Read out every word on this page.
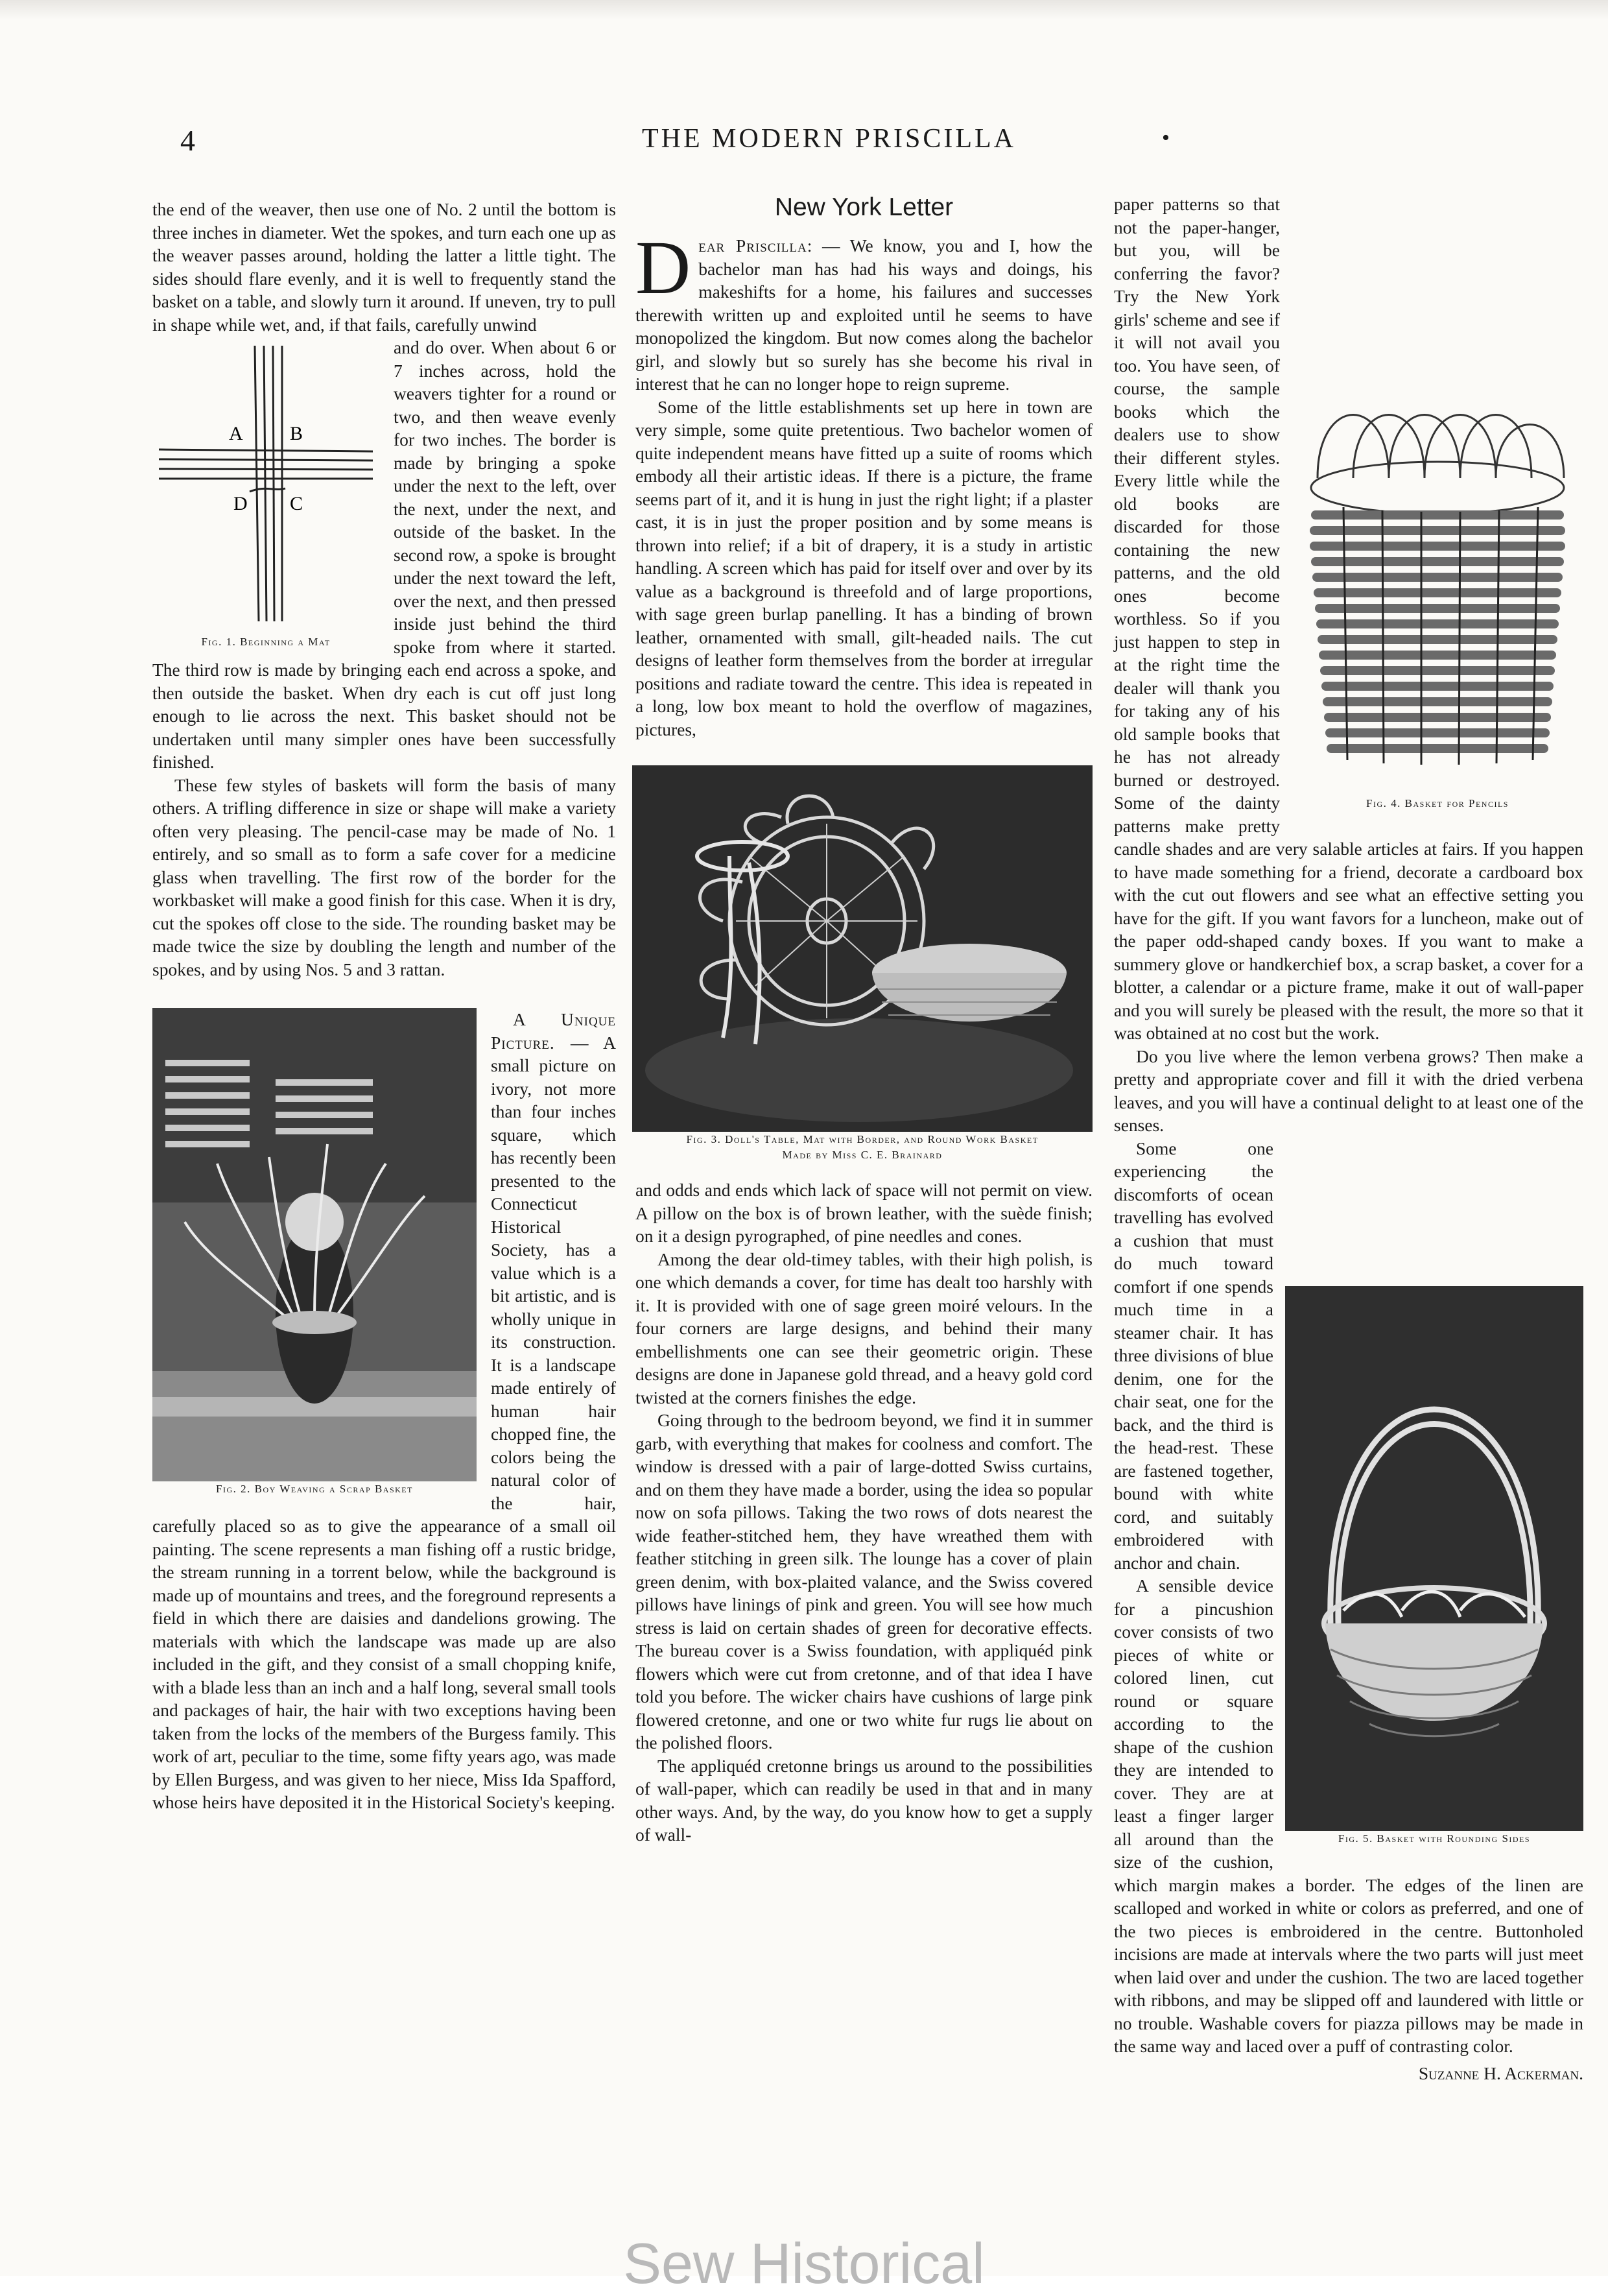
4	THE MODERN PRISCILLA	•

the end of the weaver, then use one of No. 2 until the bottom is three inches in diameter. Wet the spokes, and turn each one up as the weaver passes around, holding the latter a little tight. The sides should flare evenly, and it is well to frequently stand the basket on a table, and slowly turn it around. If uneven, try to pull in shape while wet, and, if that fails, carefully unwind

A B
D C
Fig. 1. Beginning a Mat

and do over. When about 6 or 7 inches across, hold the weavers tighter for a round or two, and then weave evenly for two inches. The border is made by bringing a spoke under the next to the left, over the next, under the next, and outside of the basket. In the second row, a spoke is brought under the next toward the left, over the next, and then pressed inside just behind the third spoke from where it started. The third row is made by bringing each end across a spoke, and then outside the basket. When dry each is cut off just long enough to lie across the next. This basket should not be undertaken until many simpler ones have been successfully finished.

These few styles of baskets will form the basis of many others. A trifling difference in size or shape will make a variety often very pleasing. The pencil-case may be made of No. 1 entirely, and so small as to form a safe cover for a medicine glass when travelling. The first row of the border for the workbasket will make a good finish for this case. When it is dry, cut the spokes off close to the side. The rounding basket may be made twice the size by doubling the length and number of the spokes, and by using Nos. 5 and 3 rattan.

Fig. 2. Boy Weaving a Scrap Basket

A Unique Picture. — A small picture on ivory, not more than four inches square, which has recently been presented to the Connecticut Historical Society, has a value which is a bit artistic, and is wholly unique in its construction. It is a landscape made entirely of human hair chopped fine, the colors being the natural color of the hair, carefully placed so as to give the appearance of a small oil painting. The scene represents a man fishing off a rustic bridge, the stream running in a torrent below, while the background is made up of mountains and trees, and the foreground represents a field in which there are daisies and dandelions growing. The materials with which the landscape was made up are also included in the gift, and they consist of a small chopping knife, with a blade less than an inch and a half long, several small tools and packages of hair, the hair with two exceptions having been taken from the locks of the members of the Burgess family. This work of art, peculiar to the time, some fifty years ago, was made by Ellen Burgess, and was given to her niece, Miss Ida Spafford, whose heirs have deposited it in the Historical Society's keeping.

New York Letter

Dear Priscilla: — We know, you and I, how the bachelor man has had his ways and doings, his makeshifts for a home, his failures and successes therewith written up and exploited until he seems to have monopolized the kingdom. But now comes along the bachelor girl, and slowly but so surely has she become his rival in interest that he can no longer hope to reign supreme.

Some of the little establishments set up here in town are very simple, some quite pretentious. Two bachelor women of quite independent means have fitted up a suite of rooms which embody all their artistic ideas. If there is a picture, the frame seems part of it, and it is hung in just the right light; if a plaster cast, it is in just the proper position and by some means is thrown into relief; if a bit of drapery, it is a study in artistic handling. A screen which has paid for itself over and over by its value as a background is threefold and of large proportions, with sage green burlap panelling. It has a binding of brown leather, ornamented with small, gilt-headed nails. The cut designs of leather form themselves from the border at irregular positions and radiate toward the centre. This idea is repeated in a long, low box meant to hold the overflow of magazines, pictures,

Fig. 3. Doll's Table, Mat with Border, and Round Work Basket
Made by Miss C. E. Brainard

and odds and ends which lack of space will not permit on view. A pillow on the box is of brown leather, with the suède finish; on it a design pyrographed, of pine needles and cones.

Among the dear old-timey tables, with their high polish, is one which demands a cover, for time has dealt too harshly with it. It is provided with one of sage green moiré velours. In the four corners are large designs, and behind their many embellishments one can see their geometric origin. These designs are done in Japanese gold thread, and a heavy gold cord twisted at the corners finishes the edge.

Going through to the bedroom beyond, we find it in summer garb, with everything that makes for coolness and comfort. The window is dressed with a pair of large-dotted Swiss curtains, and on them they have made a border, using the idea so popular now on sofa pillows. Taking the two rows of dots nearest the wide feather-stitched hem, they have wreathed them with feather stitching in green silk. The lounge has a cover of plain green denim, with box-plaited valance, and the Swiss covered pillows have linings of pink and green. You will see how much stress is laid on certain shades of green for decorative effects. The bureau cover is a Swiss foundation, with appliquéd pink flowers which were cut from cretonne, and of that idea I have told you before. The wicker chairs have cushions of large pink flowered cretonne, and one or two white fur rugs lie about on the polished floors.

The appliquéd cretonne brings us around to the possibilities of wall-paper, which can readily be used in that and in many other ways. And, by the way, do you know how to get a supply of wall-

Fig. 4. Basket for Pencils

paper patterns so that not the paper-hanger, but you, will be conferring the favor? Try the New York girls' scheme and see if it will not avail you too. You have seen, of course, the sample books which the dealers use to show their different styles. Every little while the old books are discarded for those containing the new patterns, and the old ones become worthless. So if you just happen to step in at the right time the dealer will thank you for taking any of his old sample books that he has not already burned or destroyed. Some of the dainty patterns make pretty candle shades and are very salable articles at fairs. If you happen to have made something for a friend, decorate a cardboard box with the cut out flowers and see what an effective setting you have for the gift. If you want favors for a luncheon, make out of the paper odd-shaped candy boxes. If you want to make a summery glove or handkerchief box, a scrap basket, a cover for a blotter, a calendar or a picture frame, make it out of wall-paper and you will surely be pleased with the result, the more so that it was obtained at no cost but the work.

Do you live where the lemon verbena grows? Then make a pretty and appropriate cover and fill it with the dried verbena leaves, and you will have a continual delight to at least one of the senses.

Fig. 5. Basket with Rounding Sides

Some one experiencing the discomforts of ocean travelling has evolved a cushion that must do much toward comfort if one spends much time in a steamer chair. It has three divisions of blue denim, one for the chair seat, one for the back, and the third is the head-rest. These are fastened together, bound with white cord, and suitably embroidered with anchor and chain.

A sensible device for a pincushion cover consists of two pieces of white or colored linen, cut round or square according to the shape of the cushion they are intended to cover. They are at least a finger larger all around than the size of the cushion, which margin makes a border. The edges of the linen are scalloped and worked in white or colors as preferred, and one of the two pieces is embroidered in the centre. Buttonholed incisions are made at intervals where the two parts will just meet when laid over and under the cushion. The two are laced together with ribbons, and may be slipped off and laundered with little or no trouble. Washable covers for piazza pillows may be made in the same way and laced over a puff of contrasting color.

Suzanne H. Ackerman.
Sew Historical
